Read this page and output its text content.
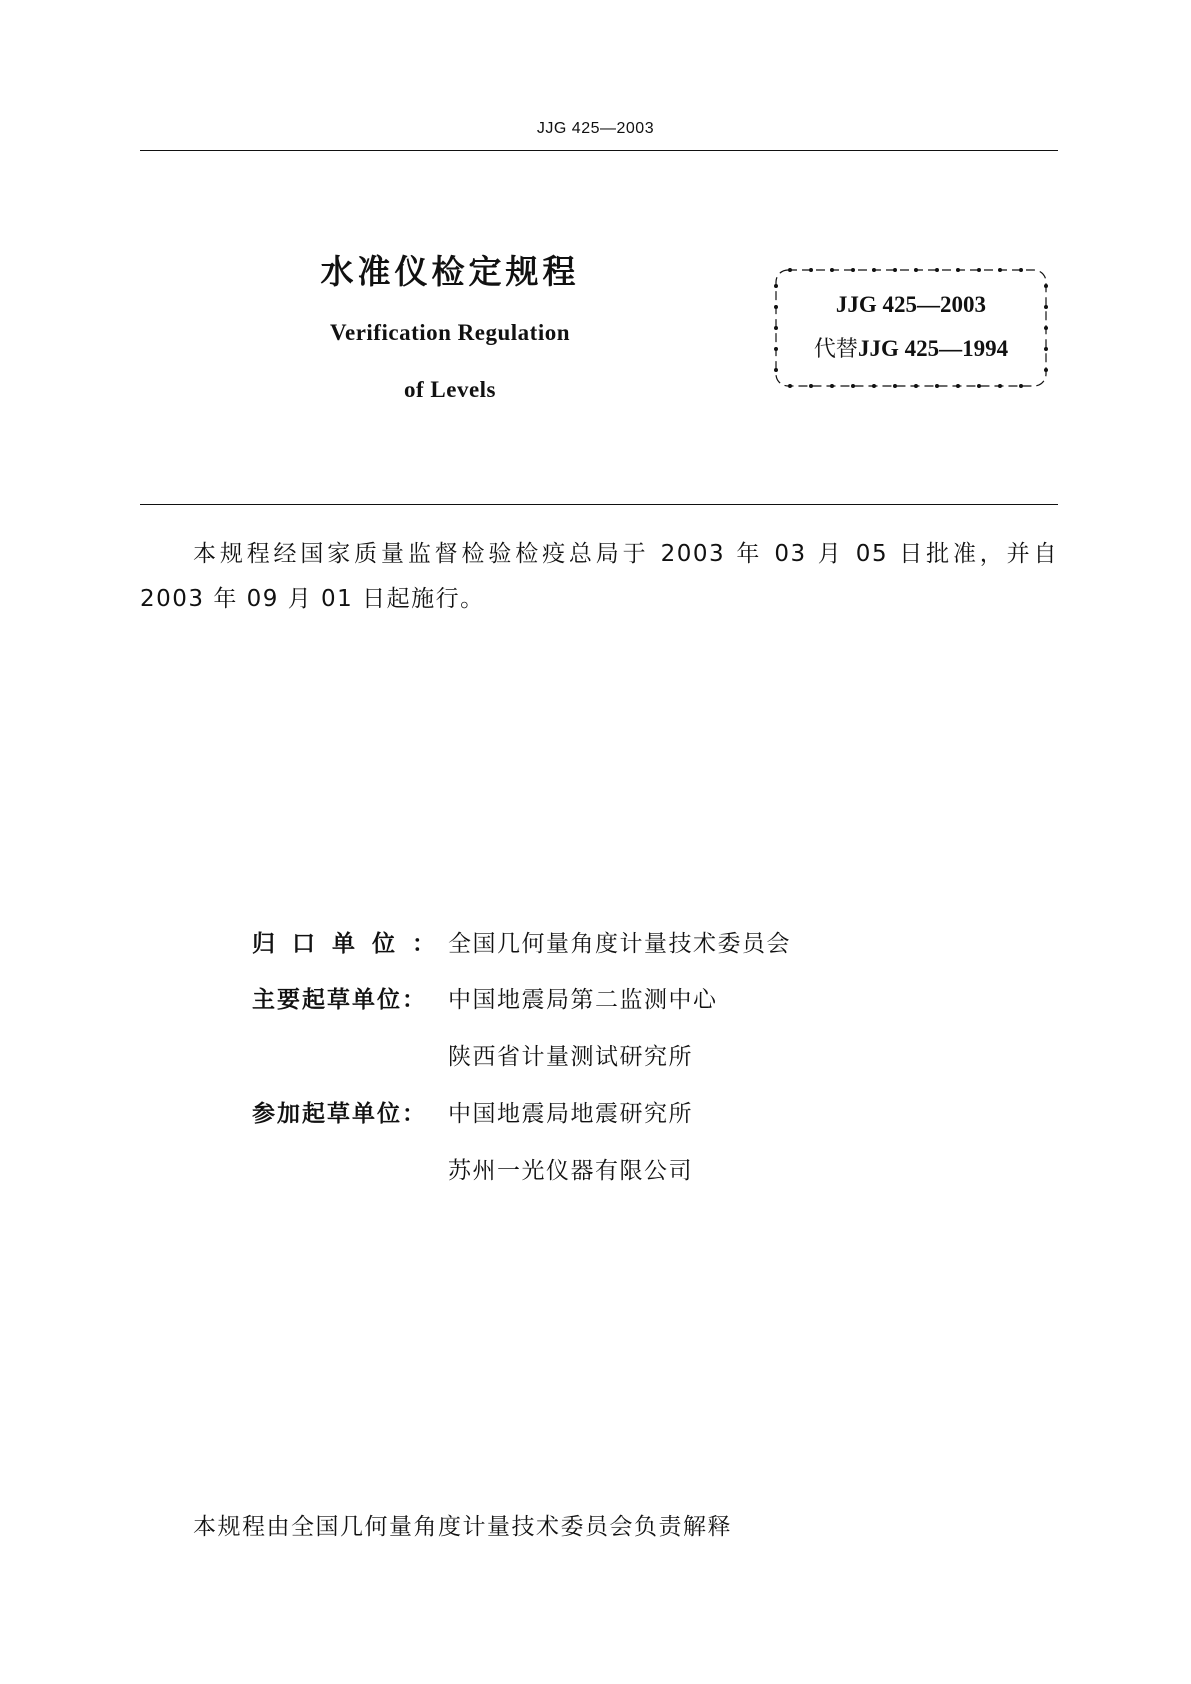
JJG 425—2003
水准仪检定规程
Verification Regulation
of Levels
JJG 425—2003
代替JJG 425—1994
本规程经国家质量监督检验检疫总局于 2003 年 03 月 05 日批准，并自 2003 年 09 月 01 日起施行。
归口单位： 全国几何量角度计量技术委员会
主要起草单位：	中国地震局第二监测中心
陕西省计量测试研究所
参加起草单位：	中国地震局地震研究所
苏州一光仪器有限公司
本规程由全国几何量角度计量技术委员会负责解释
